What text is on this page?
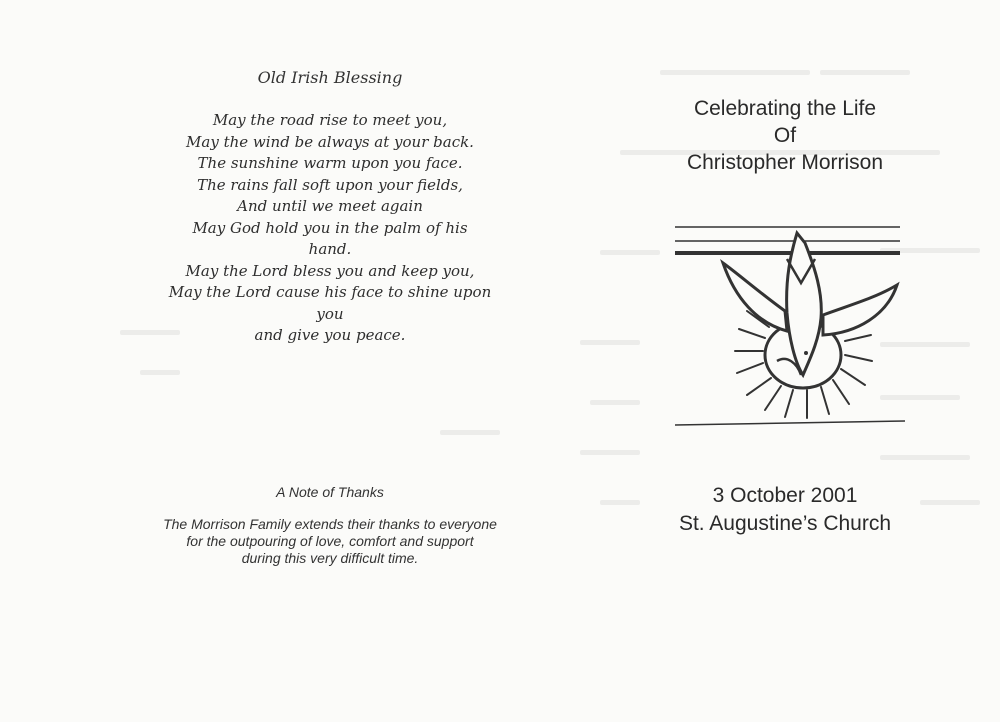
Old Irish Blessing
May the road rise to meet you,
May the wind be always at your back.
The sunshine warm upon you face.
The rains fall soft upon your fields,
And until we meet again
May God hold you in the palm of his
hand.
May the Lord bless you and keep you,
May the Lord cause his face to shine upon
you
and give you peace.
A Note of Thanks
The Morrison Family extends their thanks to everyone
for the outpouring of love, comfort and support
during this very difficult time.
Celebrating the Life
Of
Christopher Morrison
3 October 2001
St. Augustine’s Church
